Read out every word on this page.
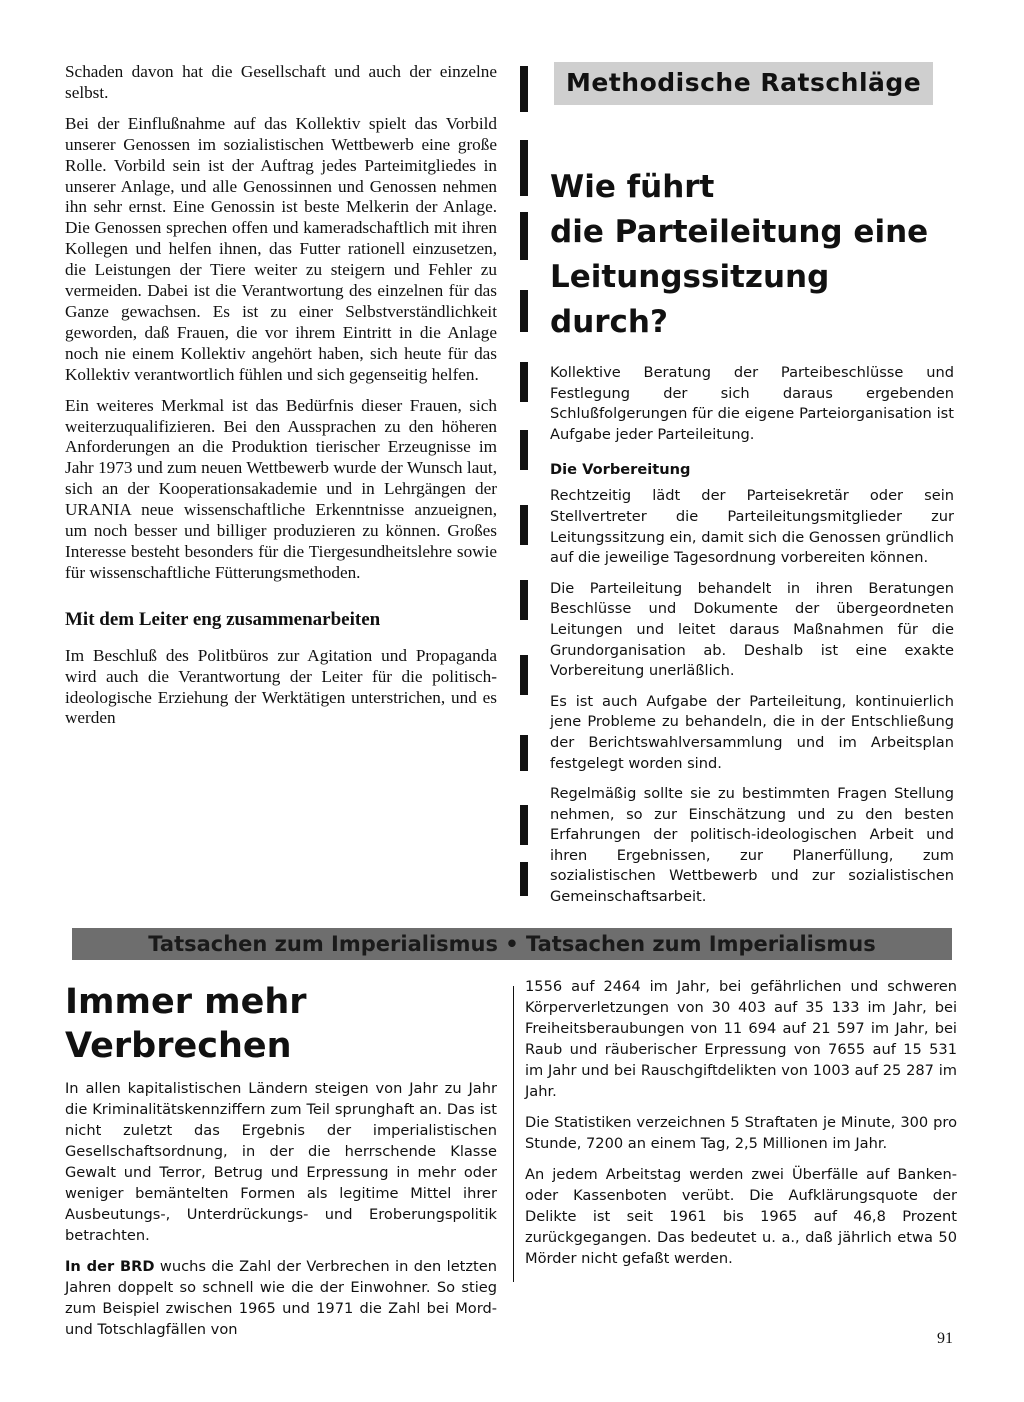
Schaden davon hat die Gesellschaft und auch der einzelne selbst.

Bei der Einflußnahme auf das Kollektiv spielt das Vorbild unserer Genossen im sozialistischen Wettbewerb eine große Rolle. Vorbild sein ist der Auftrag jedes Parteimitgliedes in unserer Anlage, und alle Genossinnen und Genossen nehmen ihn sehr ernst. Eine Genossin ist beste Melkerin der Anlage. Die Genossen sprechen offen und kameradschaftlich mit ihren Kollegen und helfen ihnen, das Futter rationell einzusetzen, die Leistungen der Tiere weiter zu steigern und Fehler zu vermeiden. Dabei ist die Verantwortung des einzelnen für das Ganze gewachsen. Es ist zu einer Selbstverständlichkeit geworden, daß Frauen, die vor ihrem Eintritt in die Anlage noch nie einem Kollektiv angehört haben, sich heute für das Kollektiv verantwortlich fühlen und sich gegenseitig helfen.

Ein weiteres Merkmal ist das Bedürfnis dieser Frauen, sich weiterzuqualifizieren. Bei den Aussprachen zu den höheren Anforderungen an die Produktion tierischer Erzeugnisse im Jahr 1973 und zum neuen Wettbewerb wurde der Wunsch laut, sich an der Kooperationsakademie und in Lehrgängen der URANIA neue wissenschaftliche Erkenntnisse anzueignen, um noch besser und billiger produzieren zu können. Großes Interesse besteht besonders für die Tiergesundheitslehre sowie für wissenschaftliche Fütterungsmethoden.

Mit dem Leiter eng zusammenarbeiten

Im Beschluß des Politbüros zur Agitation und Propaganda wird auch die Verantwortung der Leiter für die politisch-ideologische Erziehung der Werktätigen unterstrichen, und es werden

Methodische Ratschläge
Wie führt
die Parteileitung eine
Leitungssitzung durch?

Kollektive Beratung der Parteibeschlüsse und Festlegung der sich daraus ergebenden Schlußfolgerungen für die eigene Parteiorganisation ist Aufgabe jeder Parteileitung.

Die Vorbereitung

Rechtzeitig lädt der Parteisekretär oder sein Stellvertreter die Parteileitungsmitglieder zur Leitungssitzung ein, damit sich die Genossen gründlich auf die jeweilige Tagesordnung vorbereiten können.

Die Parteileitung behandelt in ihren Beratungen Beschlüsse und Dokumente der übergeordneten Leitungen und leitet daraus Maßnahmen für die Grundorganisation ab. Deshalb ist eine exakte Vorbereitung unerläßlich.

Es ist auch Aufgabe der Parteileitung, kontinuierlich jene Probleme zu behandeln, die in der Entschließung der Berichtswahlversammlung und im Arbeitsplan festgelegt worden sind.

Regelmäßig sollte sie zu bestimmten Fragen Stellung nehmen, so zur Einschätzung und zu den besten Erfahrungen der politisch-ideologischen Arbeit und ihren Ergebnissen, zur Planerfüllung, zum sozialistischen Wettbewerb und zur sozialistischen Gemeinschaftsarbeit.

Tatsachen zum Imperialismus • Tatsachen zum Imperialismus
Immer mehr Verbrechen

In allen kapitalistischen Ländern steigen von Jahr zu Jahr die Kriminalitätskennziffern zum Teil sprunghaft an. Das ist nicht zuletzt das Ergebnis der imperialistischen Gesellschaftsordnung, in der die herrschende Klasse Gewalt und Terror, Betrug und Erpressung in mehr oder weniger bemäntelten Formen als legitime Mittel ihrer Ausbeutungs-, Unterdrückungs- und Eroberungspolitik betrachten.

In der BRD wuchs die Zahl der Verbrechen in den letzten Jahren doppelt so schnell wie die der Einwohner. So stieg zum Beispiel zwischen 1965 und 1971 die Zahl bei Mord- und Totschlagfällen von

1556 auf 2464 im Jahr, bei gefährlichen und schweren Körperverletzungen von 30 403 auf 35 133 im Jahr, bei Freiheitsberaubungen von 11 694 auf 21 597 im Jahr, bei Raub und räuberischer Erpressung von 7655 auf 15 531 im Jahr und bei Rauschgiftdelikten von 1003 auf 25 287 im Jahr.

Die Statistiken verzeichnen 5 Straftaten je Minute, 300 pro Stunde, 7200 an einem Tag, 2,5 Millionen im Jahr.

An jedem Arbeitstag werden zwei Überfälle auf Banken- oder Kassenboten verübt. Die Aufklärungsquote der Delikte ist seit 1961 bis 1965 auf 46,8 Prozent zurückgegangen. Das bedeutet u. a., daß jährlich etwa 50 Mörder nicht gefaßt werden.

91
